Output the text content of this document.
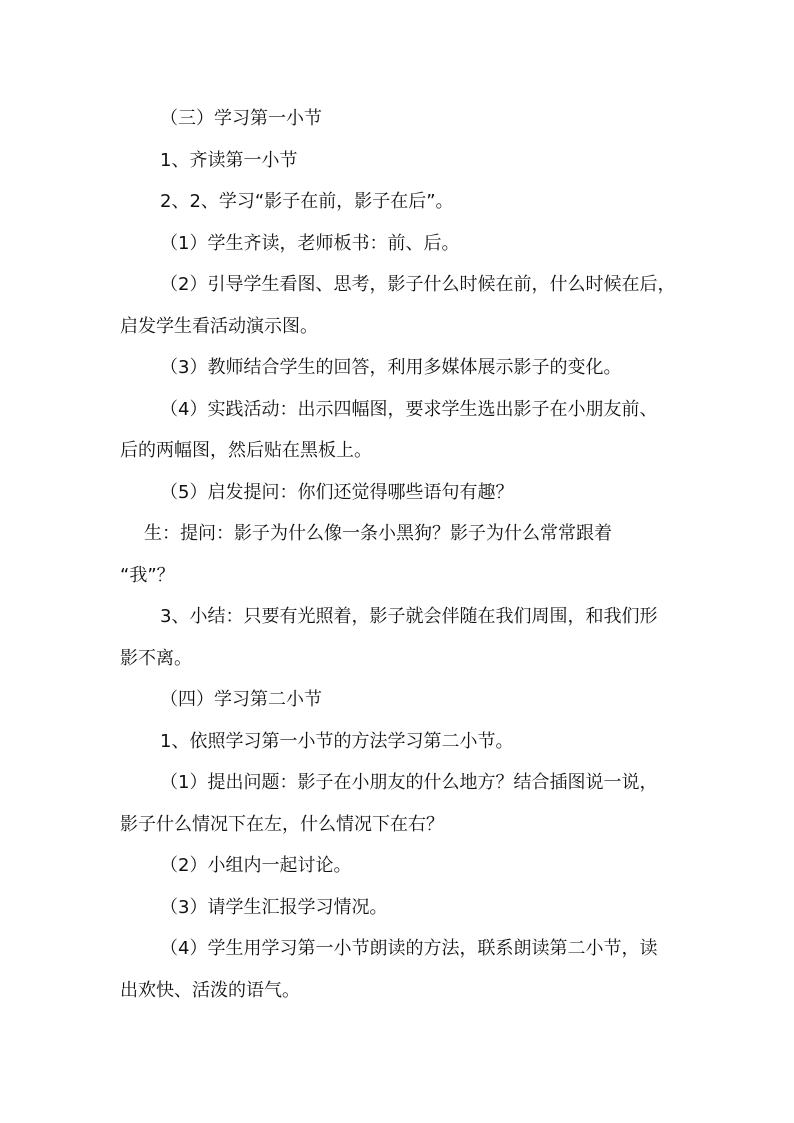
（三）学习第一小节

1、齐读第一小节

2、2、学习“影子在前，影子在后”。

（1）学生齐读，老师板书：前、后。

（2）引导学生看图、思考，影子什么时候在前，什么时候在后，

启发学生看活动演示图。

（3）教师结合学生的回答，利用多媒体展示影子的变化。

（4）实践活动：出示四幅图，要求学生选出影子在小朋友前、

后的两幅图，然后贴在黑板上。

（5）启发提问：你们还觉得哪些语句有趣？

生：提问：影子为什么像一条小黑狗？影子为什么常常跟着

“我”？

3、小结：只要有光照着，影子就会伴随在我们周围，和我们形

影不离。

（四）学习第二小节

1、依照学习第一小节的方法学习第二小节。

（1）提出问题：影子在小朋友的什么地方？结合插图说一说，

影子什么情况下在左，什么情况下在右？

（2）小组内一起讨论。

（3）请学生汇报学习情况。

（4）学生用学习第一小节朗读的方法，联系朗读第二小节，读

出欢快、活泼的语气。
